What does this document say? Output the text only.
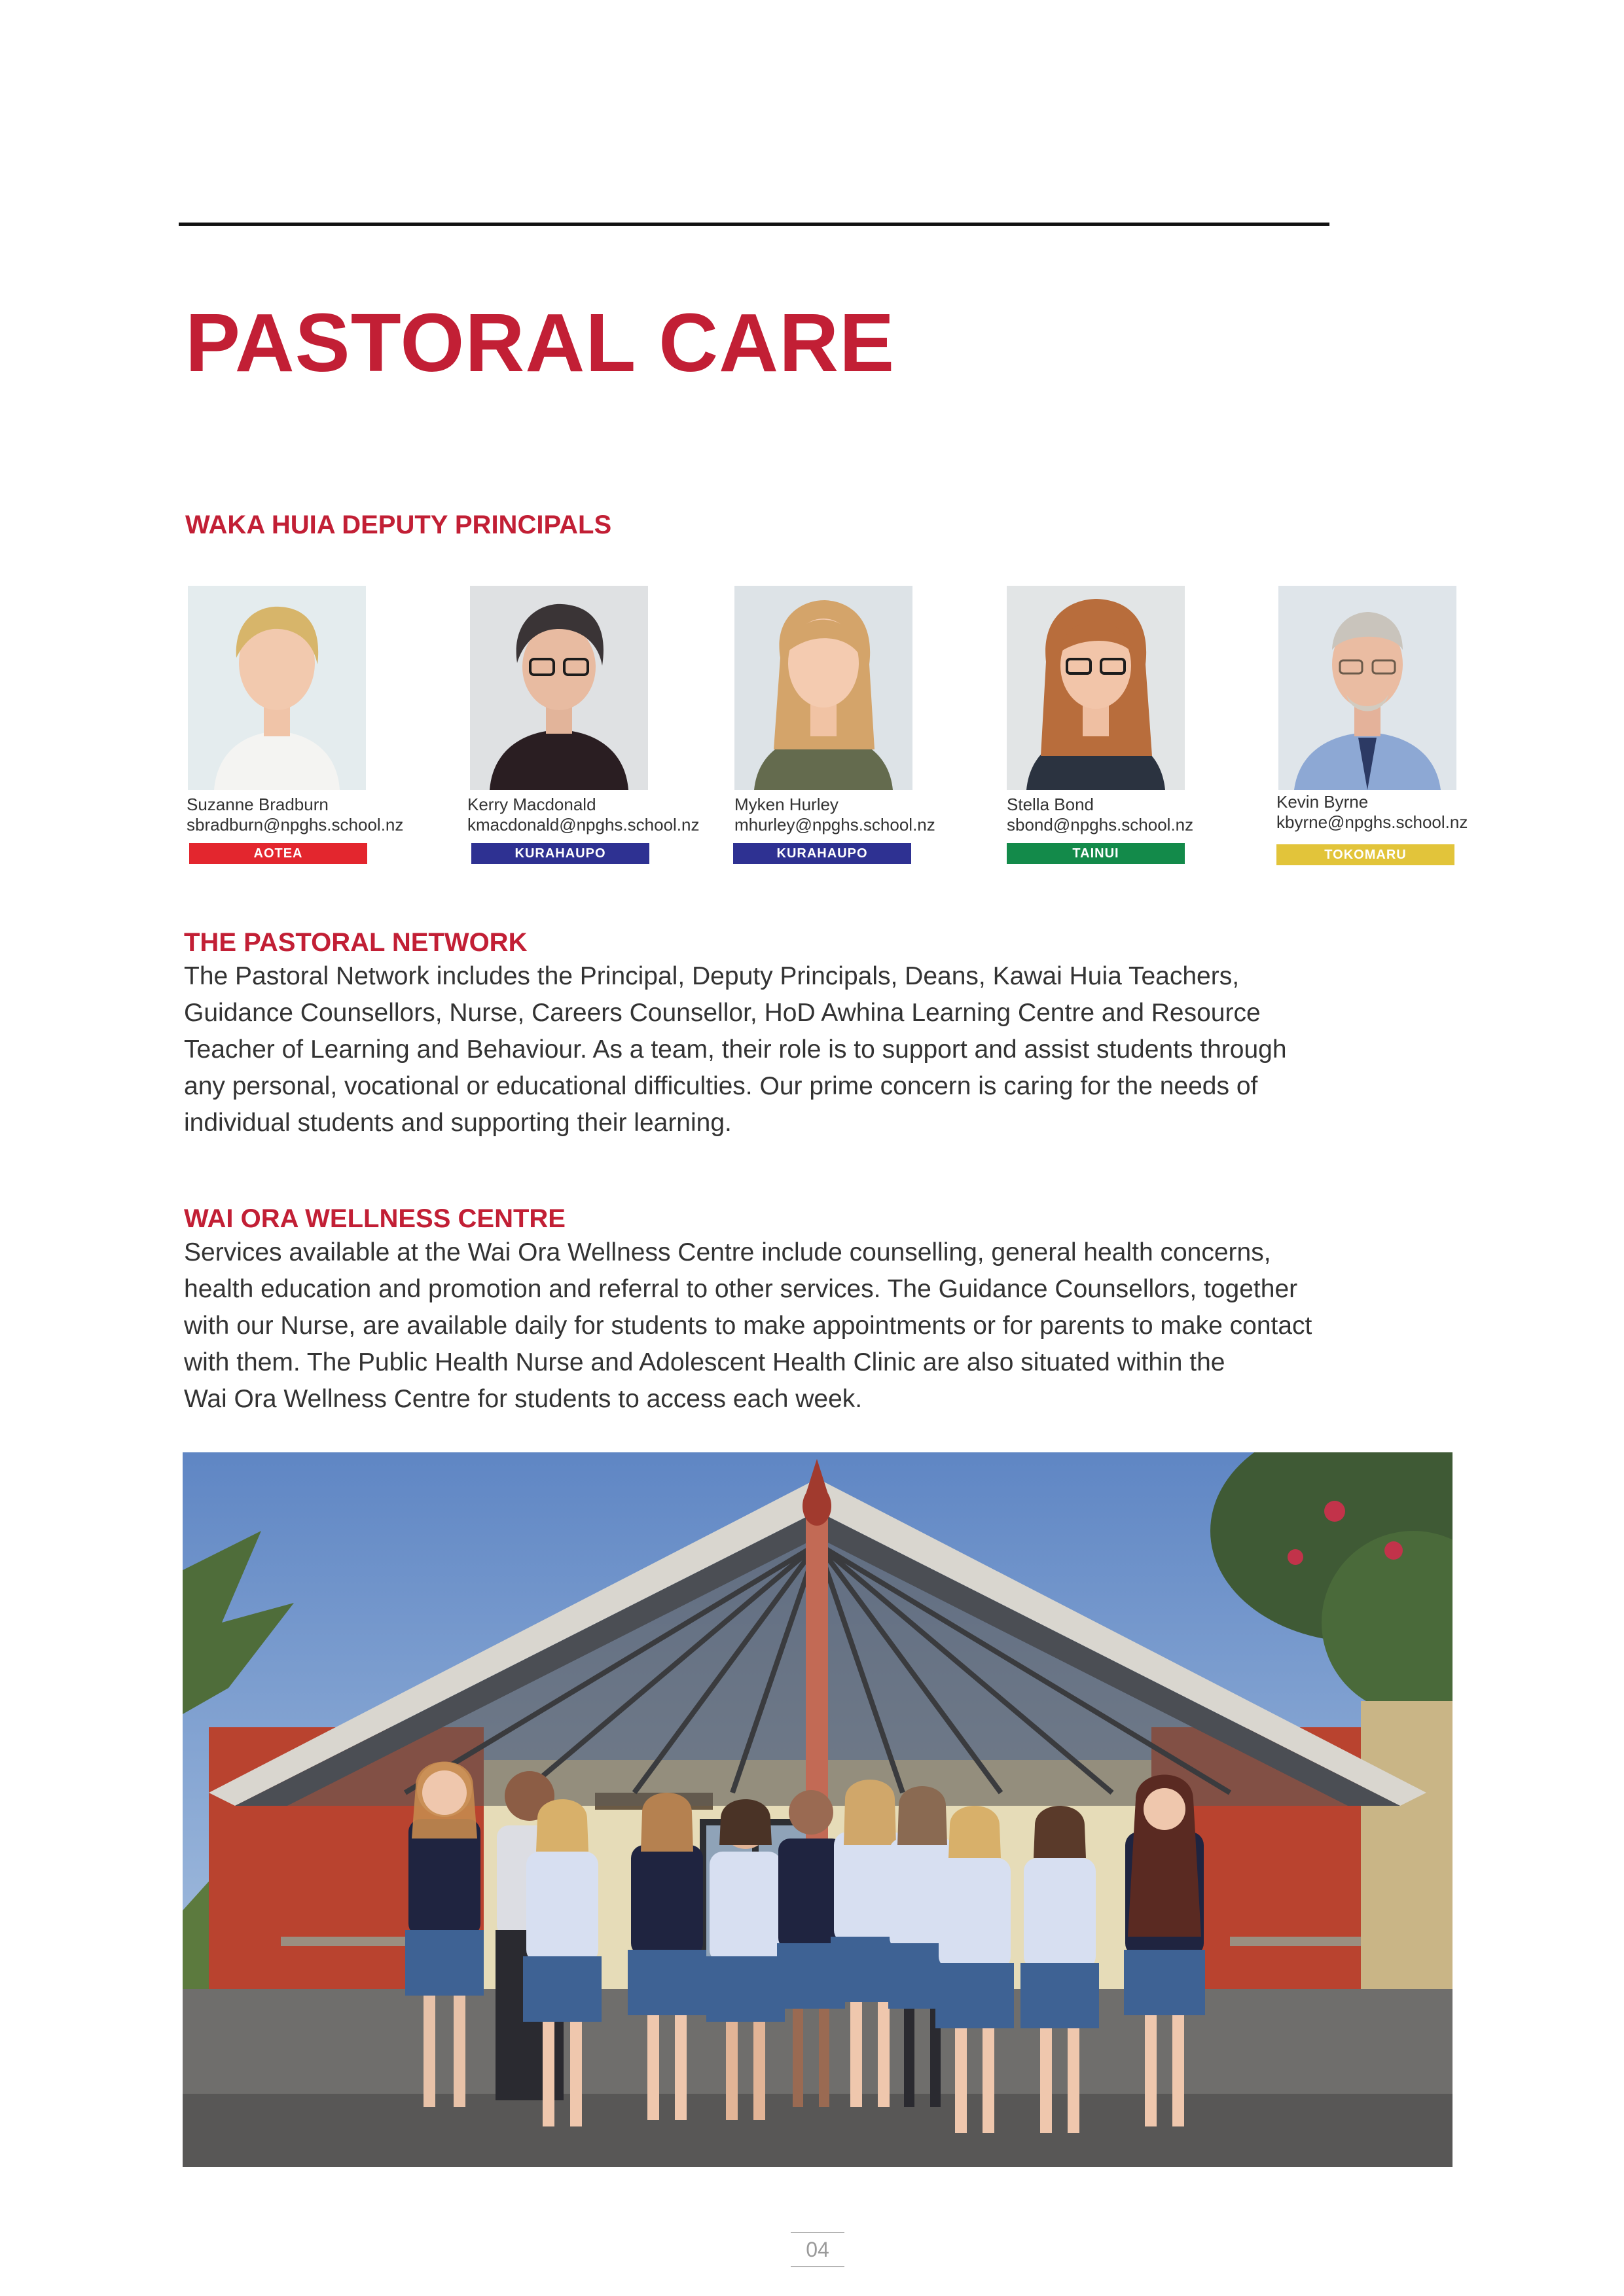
PASTORAL CARE
WAKA HUIA DEPUTY PRINCIPALS
Suzanne Bradburn
sbradburn@npghs.school.nz
AOTEA
Kerry Macdonald
kmacdonald@npghs.school.nz
KURAHAUPO
Myken Hurley
mhurley@npghs.school.nz
KURAHAUPO
Stella Bond
sbond@npghs.school.nz
TAINUI
Kevin Byrne
kbyrne@npghs.school.nz
TOKOMARU
THE PASTORAL NETWORK

The Pastoral Network includes the Principal, Deputy Principals, Deans, Kawai Huia Teachers,
Guidance Counsellors, Nurse, Careers Counsellor, HoD Awhina Learning Centre and Resource
Teacher of Learning and Behaviour. As a team, their role is to support and assist students through
any personal, vocational or educational difficulties. Our prime concern is caring for the needs of
individual students and supporting their learning.

WAI ORA WELLNESS CENTRE

Services available at the Wai Ora Wellness Centre include counselling, general health concerns,
health education and promotion and referral to other services. The Guidance Counsellors, together
with our Nurse, are available daily for students to make appointments or for parents to make contact
with them. The Public Health Nurse and Adolescent Health Clinic are also situated within the
Wai Ora Wellness Centre for students to access each week.

04
